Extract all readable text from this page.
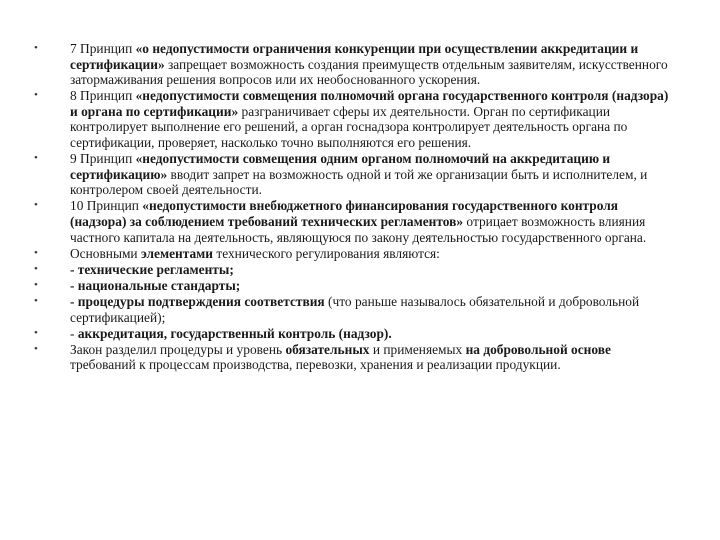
•	7 Принцип «о недопустимости ограничения конкуренции при осуществлении аккредитации и сертификации» запрещает возможность создания преимуществ отдельным заявителям, искусственного затормаживания решения вопросов или их необоснованного ускорения.
•	8 Принцип «недопустимости совмещения полномочий органа государственного контроля (надзора) и органа по сертификации» разграничивает сферы их деятельности. Орган по сертификации контролирует выполнение его решений, а орган госнадзора контролирует деятельность органа по сертификации, проверяет, насколько точно выполняются его решения.
•	9 Принцип «недопустимости совмещения одним органом полномочий на аккредитацию и сертификацию» вводит запрет на возможность одной и той же организации быть и исполнителем, и контролером своей деятельности.
•	10 Принцип «недопустимости внебюджетного финансирования государственного контроля (надзора) за соблюдением требований технических регламентов» отрицает возможность влияния частного капитала на деятельность, являющуюся по закону деятельностью государственного органа.
•	Основными элементами технического регулирования являются:
•	- технические регламенты;
•	- национальные стандарты;
•	- процедуры подтверждения соответствия (что раньше называлось обязательной и добровольной сертификацией);
•	- аккредитация, государственный контроль (надзор).
•	Закон разделил процедуры и уровень обязательных и применяемых на добровольной основе требований к процессам производства, перевозки, хранения и реализации продукции.
